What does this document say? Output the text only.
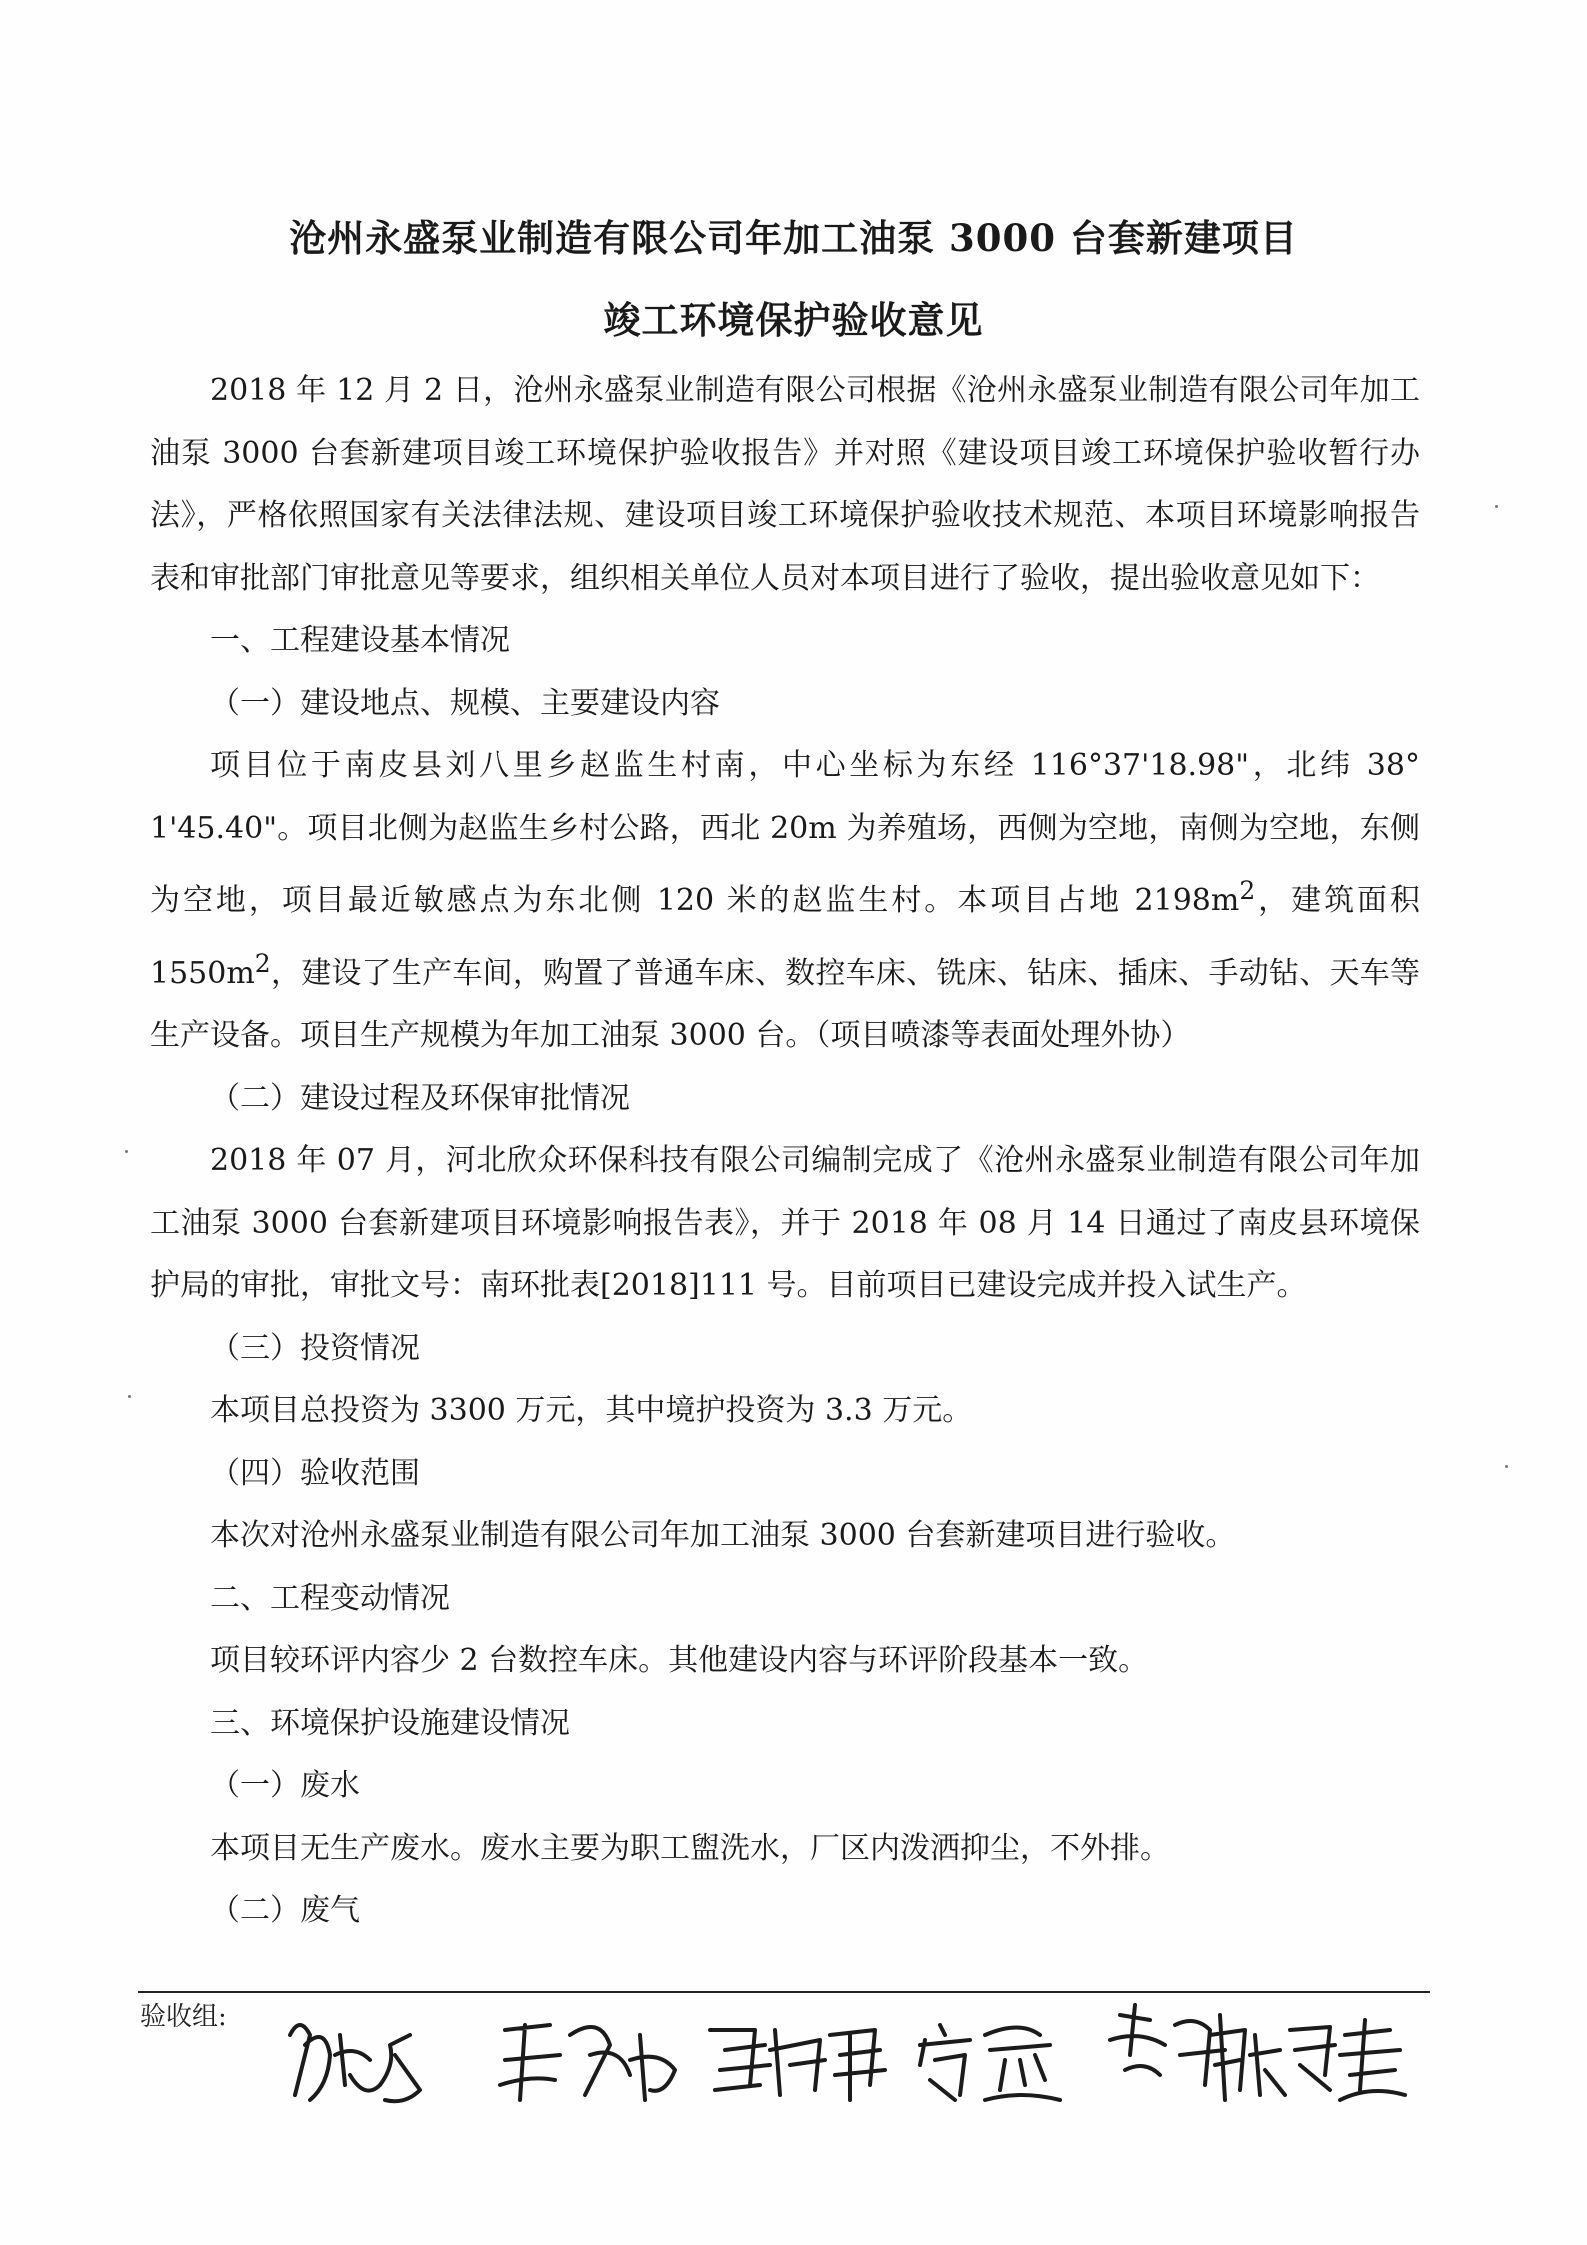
沧州永盛泵业制造有限公司年加工油泵 3000 台套新建项目
竣工环境保护验收意见

2018 年 12 月 2 日，沧州永盛泵业制造有限公司根据《沧州永盛泵业制造有限公司年加工油泵 3000 台套新建项目竣工环境保护验收报告》并对照《建设项目竣工环境保护验收暂行办法》，严格依照国家有关法律法规、建设项目竣工环境保护验收技术规范、本项目环境影响报告表和审批部门审批意见等要求，组织相关单位人员对本项目进行了验收，提出验收意见如下：

一、工程建设基本情况

（一）建设地点、规模、主要建设内容

项目位于南皮县刘八里乡赵监生村南，中心坐标为东经 116°37'18.98"，北纬 38° 1'45.40"。项目北侧为赵监生乡村公路，西北 20m 为养殖场，西侧为空地，南侧为空地，东侧为空地，项目最近敏感点为东北侧 120 米的赵监生村。本项目占地 $2198m^2$，建筑面积 $1550m^2$，建设了生产车间，购置了普通车床、数控车床、铣床、钻床、插床、手动钻、天车等生产设备。项目生产规模为年加工油泵 3000 台。（项目喷漆等表面处理外协）

（二）建设过程及环保审批情况

2018 年 07 月，河北欣众环保科技有限公司编制完成了《沧州永盛泵业制造有限公司年加工油泵 3000 台套新建项目环境影响报告表》，并于 2018 年 08 月 14 日通过了南皮县环境保护局的审批，审批文号：南环批表[2018]111 号。目前项目已建设完成并投入试生产。

（三）投资情况

本项目总投资为 3300 万元，其中境护投资为 3.3 万元。

（四）验收范围

本次对沧州永盛泵业制造有限公司年加工油泵 3000 台套新建项目进行验收。

二、工程变动情况

项目较环评内容少 2 台数控车床。其他建设内容与环评阶段基本一致。

三、环境保护设施建设情况

（一）废水

本项目无生产废水。废水主要为职工盥洗水，厂区内泼洒抑尘，不外排。

（二）废气

验收组:
